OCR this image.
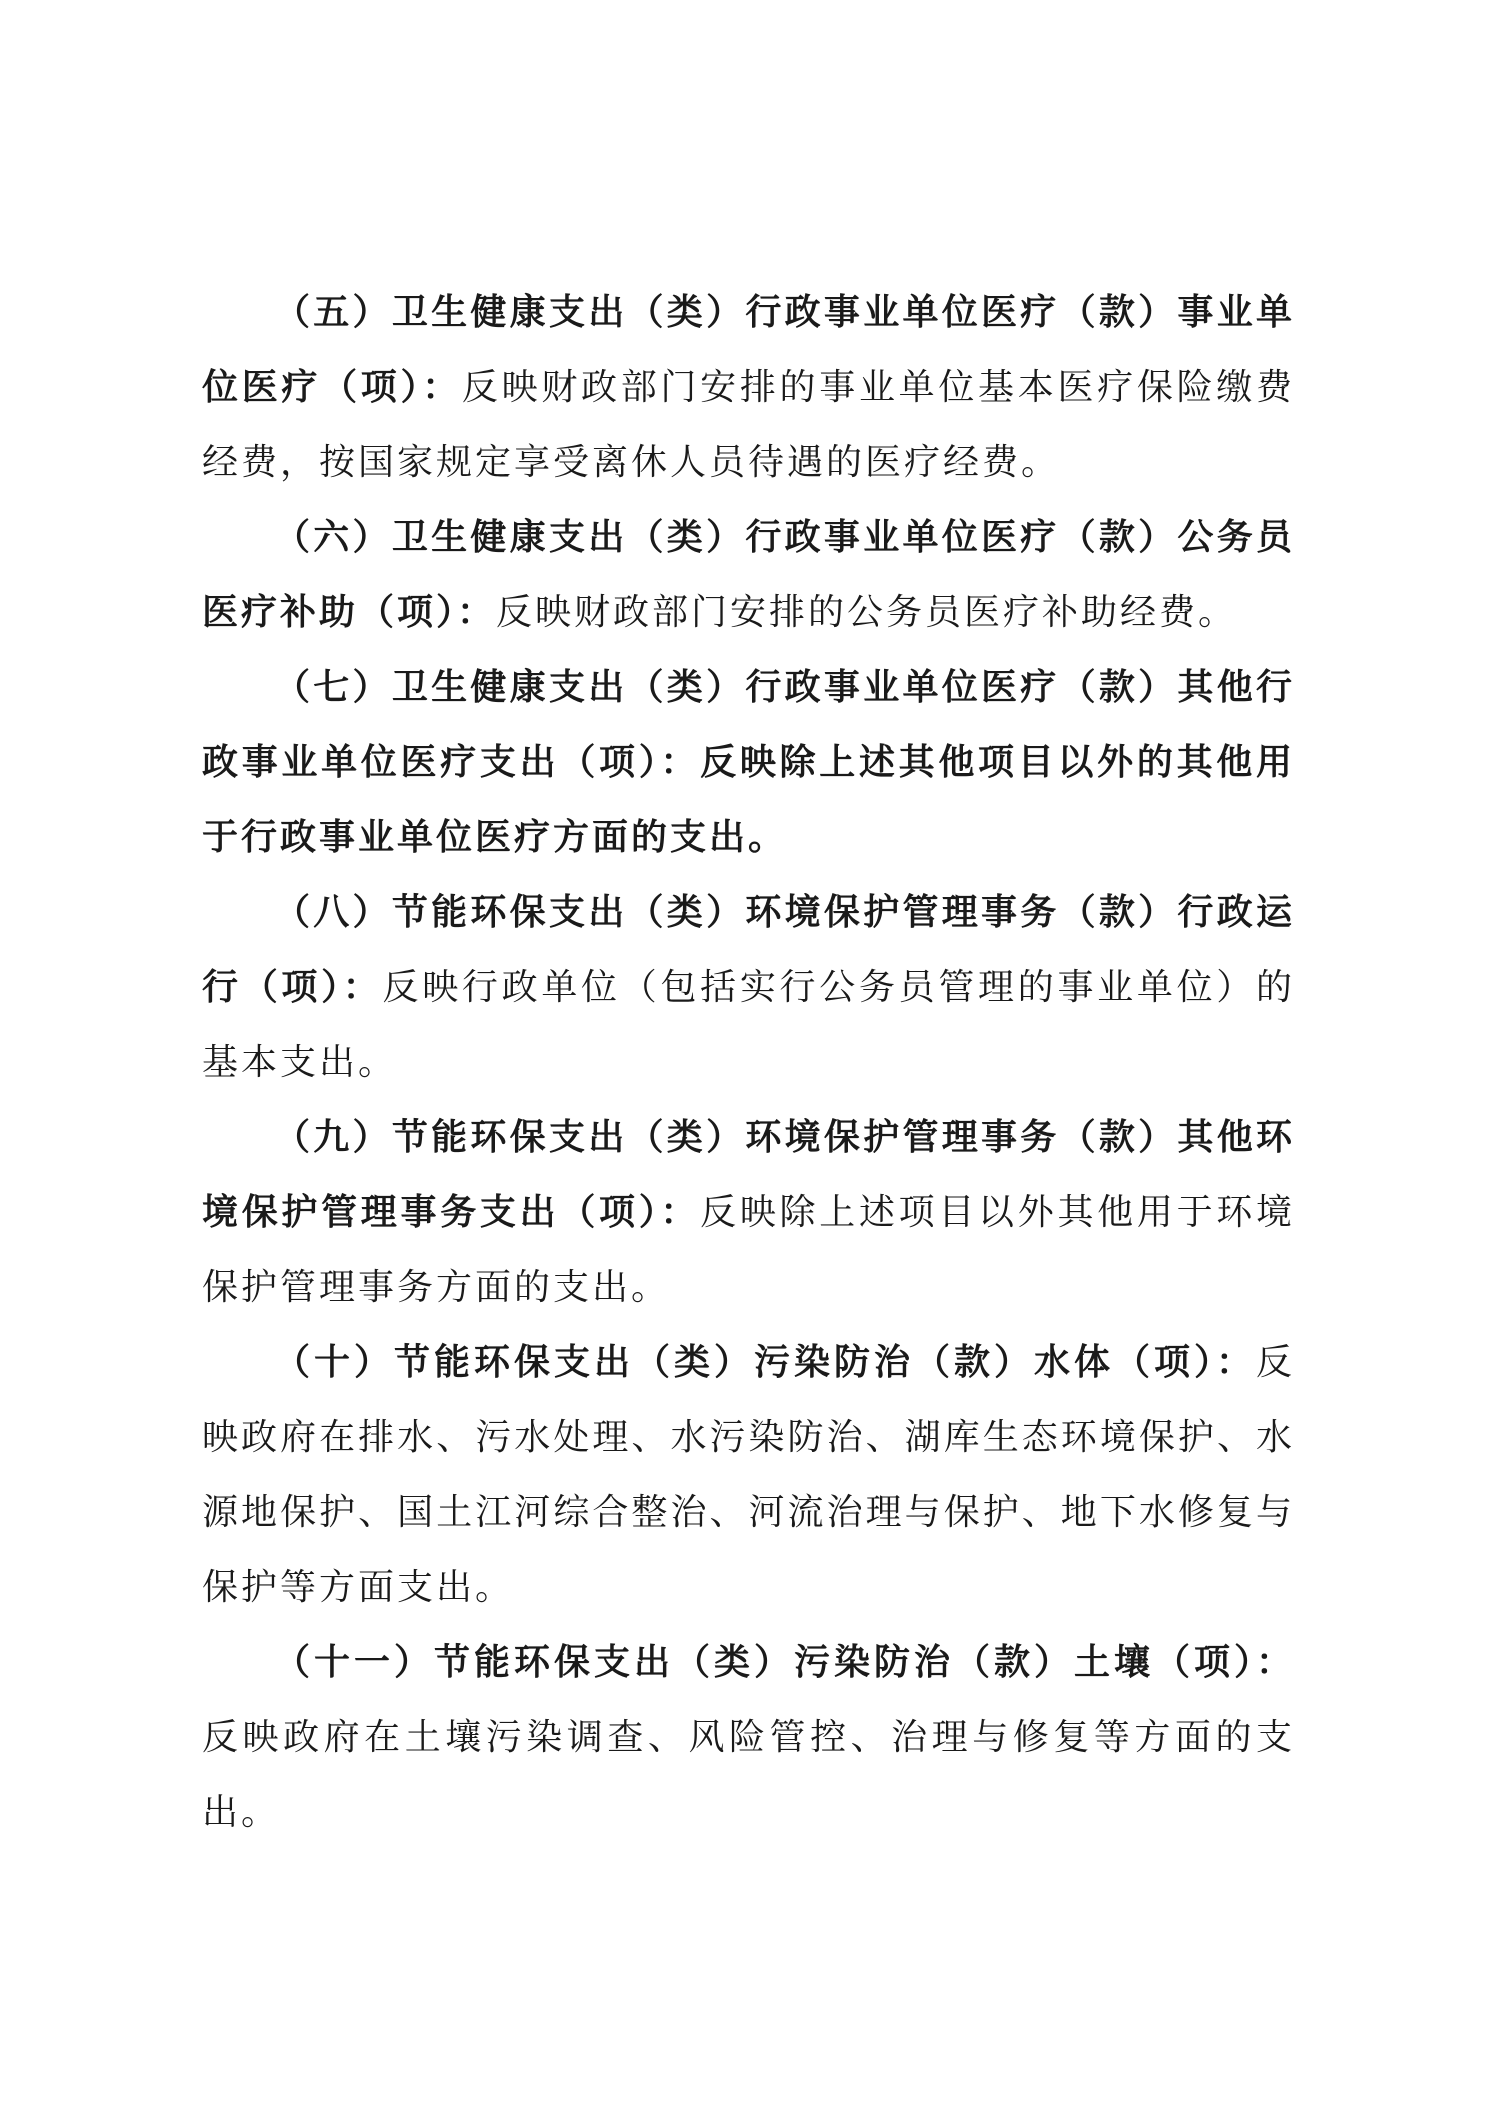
（五）卫生健康支出（类）行政事业单位医疗（款）事业单位医疗（项）：反映财政部门安排的事业单位基本医疗保险缴费经费，按国家规定享受离休人员待遇的医疗经费。

（六）卫生健康支出（类）行政事业单位医疗（款）公务员医疗补助（项）：反映财政部门安排的公务员医疗补助经费。

（七）卫生健康支出（类）行政事业单位医疗（款）其他行政事业单位医疗支出（项）：反映除上述其他项目以外的其他用于行政事业单位医疗方面的支出。

（八）节能环保支出（类）环境保护管理事务（款）行政运行（项）：反映行政单位（包括实行公务员管理的事业单位）的基本支出。

（九）节能环保支出（类）环境保护管理事务（款）其他环境保护管理事务支出（项）：反映除上述项目以外其他用于环境保护管理事务方面的支出。

（十）节能环保支出（类）污染防治（款）水体（项）：反映政府在排水、污水处理、水污染防治、湖库生态环境保护、水源地保护、国土江河综合整治、河流治理与保护、地下水修复与保护等方面支出。

（十一）节能环保支出（类）污染防治（款）土壤（项）：反映政府在土壤污染调查、风险管控、治理与修复等方面的支出。
